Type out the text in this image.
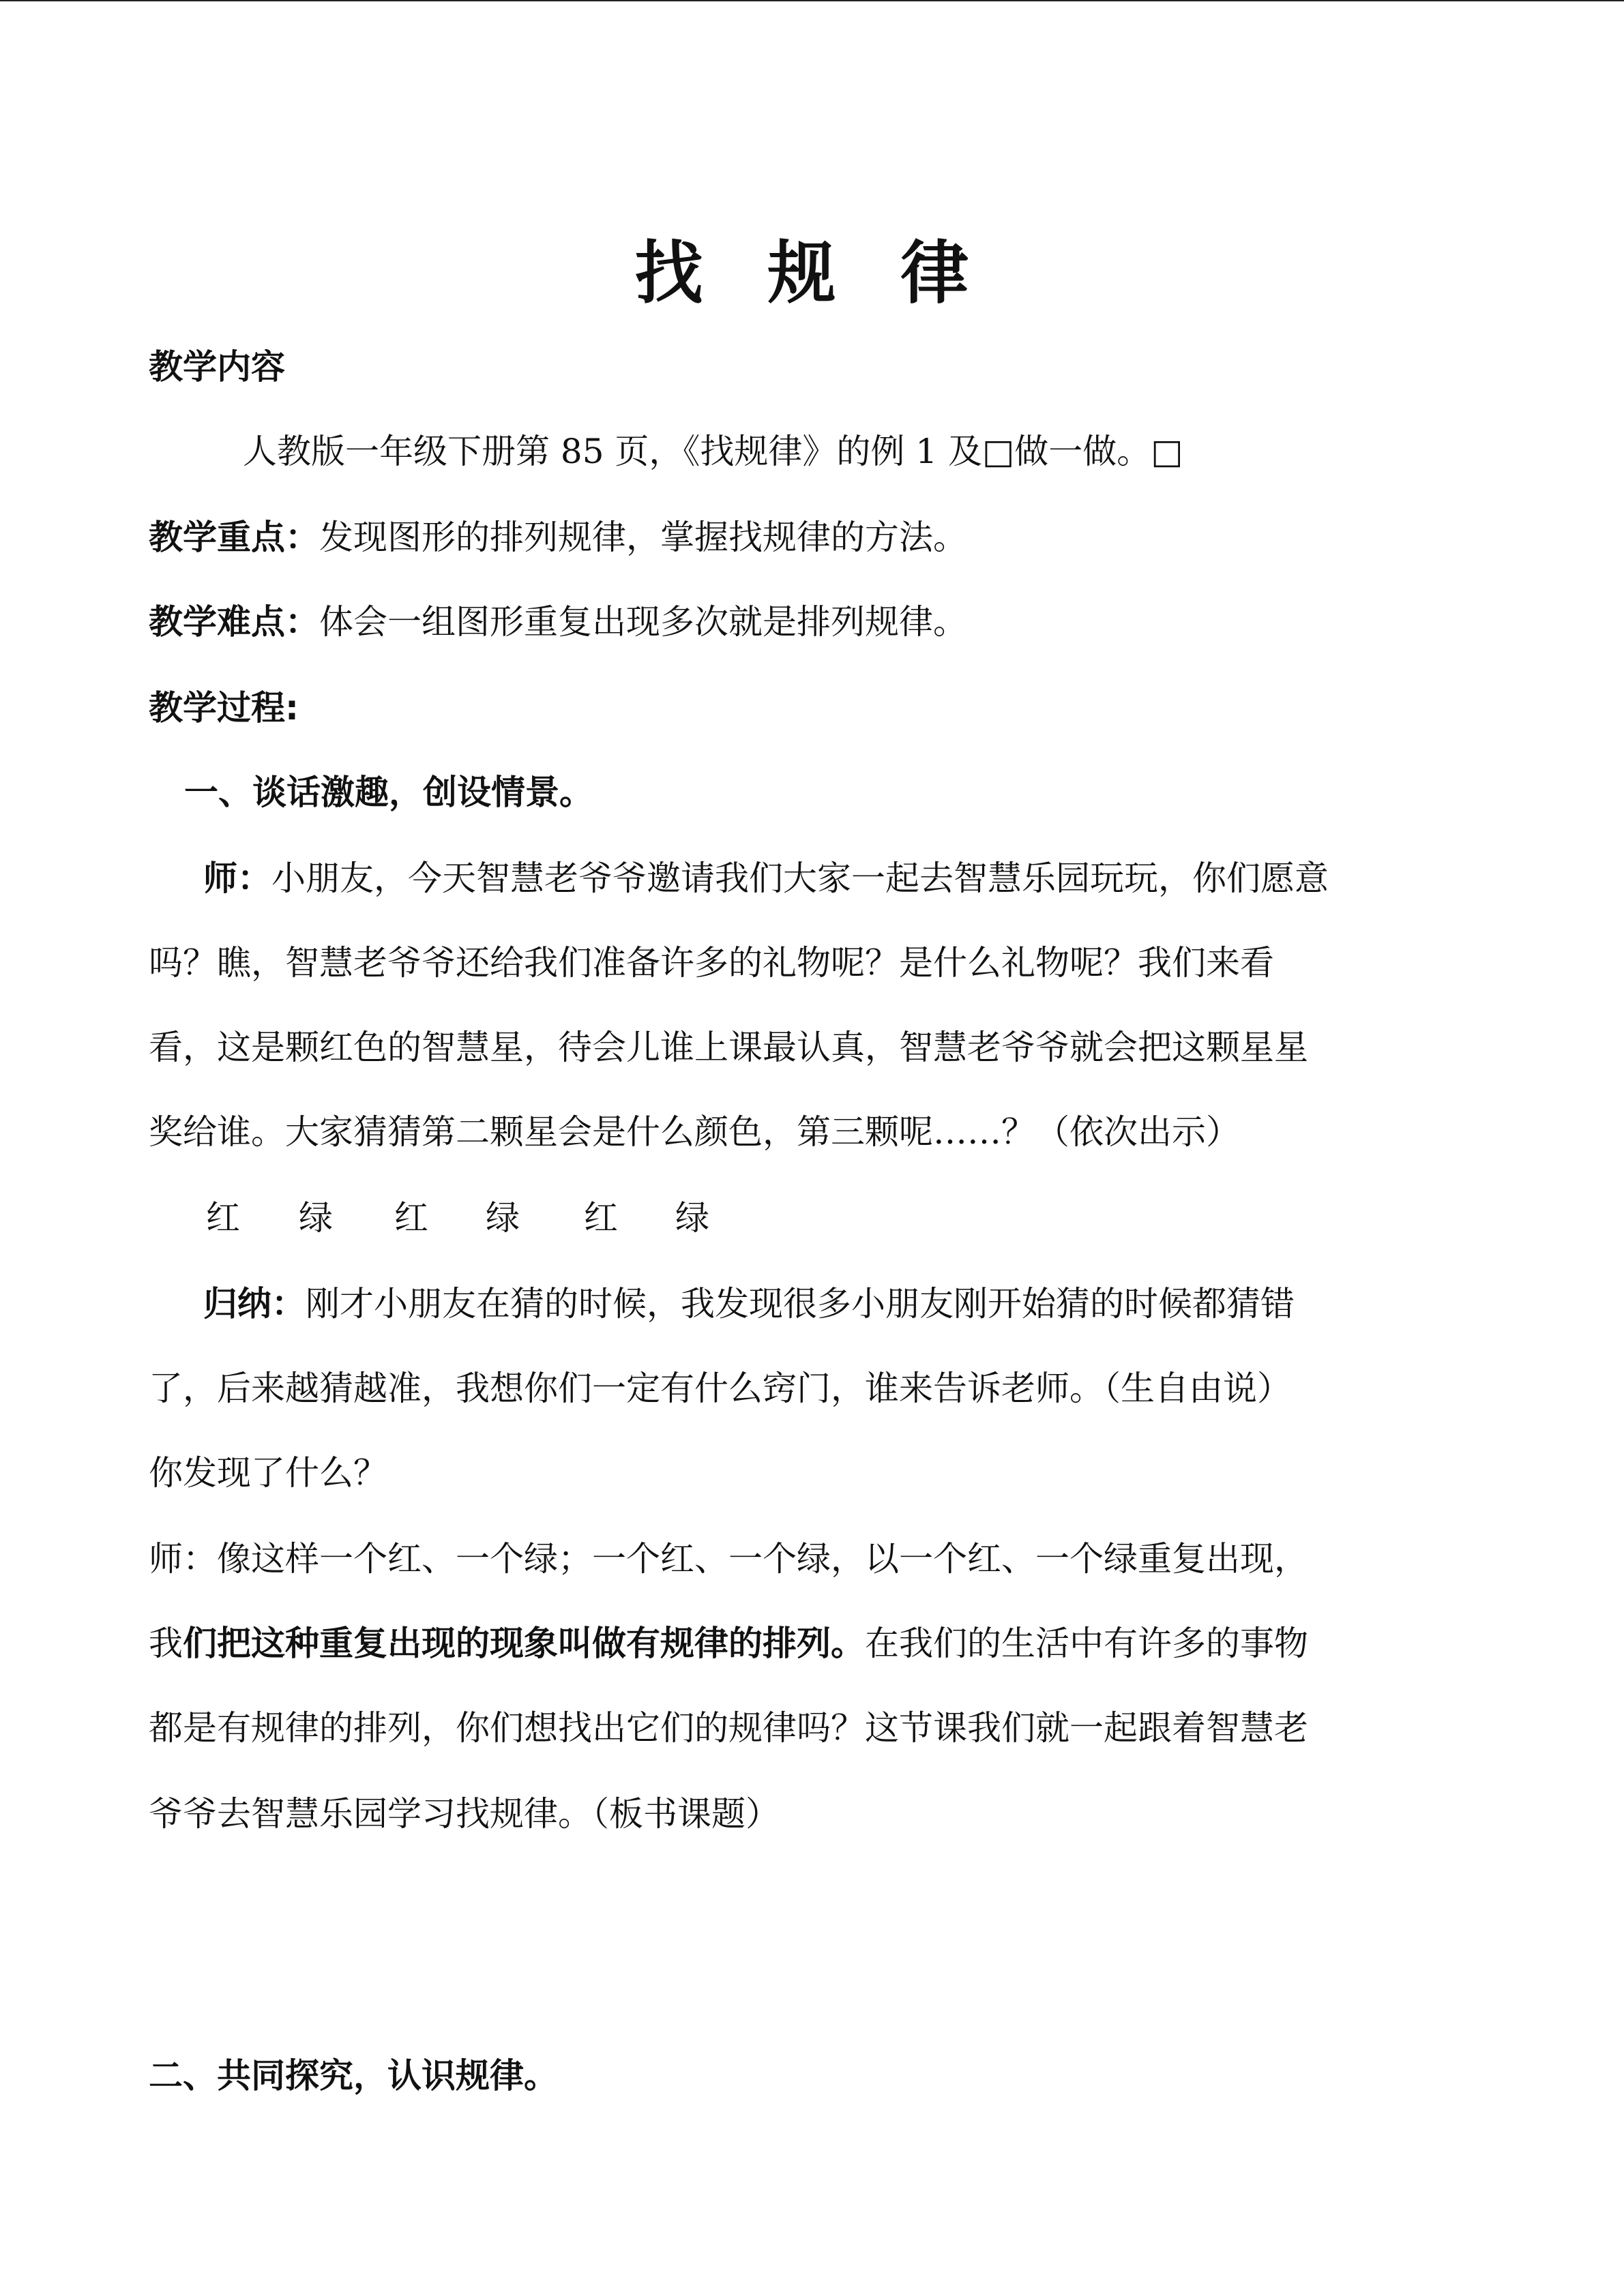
找 规 律
教学内容
人教版一年级下册第 85 页，《找规律》的例 1 及□做一做。□
教学重点：发现图形的排列规律，掌握找规律的方法。
教学难点：体会一组图形重复出现多次就是排列规律。
教学过程:
一、谈话激趣，创设情景。
师：小朋友，今天智慧老爷爷邀请我们大家一起去智慧乐园玩玩，你们愿意
吗？瞧，智慧老爷爷还给我们准备许多的礼物呢？是什么礼物呢？我们来看
看，这是颗红色的智慧星，待会儿谁上课最认真，智慧老爷爷就会把这颗星星
奖给谁。大家猜猜第二颗星会是什么颜色，第三颗呢……？（依次出示）
红 绿 红 绿 红 绿
归纳：刚才小朋友在猜的时候，我发现很多小朋友刚开始猜的时候都猜错
了，后来越猜越准，我想你们一定有什么窍门，谁来告诉老师。（生自由说）
你发现了什么？
师：像这样一个红、一个绿；一个红、一个绿，以一个红、一个绿重复出现，
我们把这种重复出现的现象叫做有规律的排列。在我们的生活中有许多的事物
都是有规律的排列，你们想找出它们的规律吗？这节课我们就一起跟着智慧老
爷爷去智慧乐园学习找规律。（板书课题）
二、共同探究，认识规律。
